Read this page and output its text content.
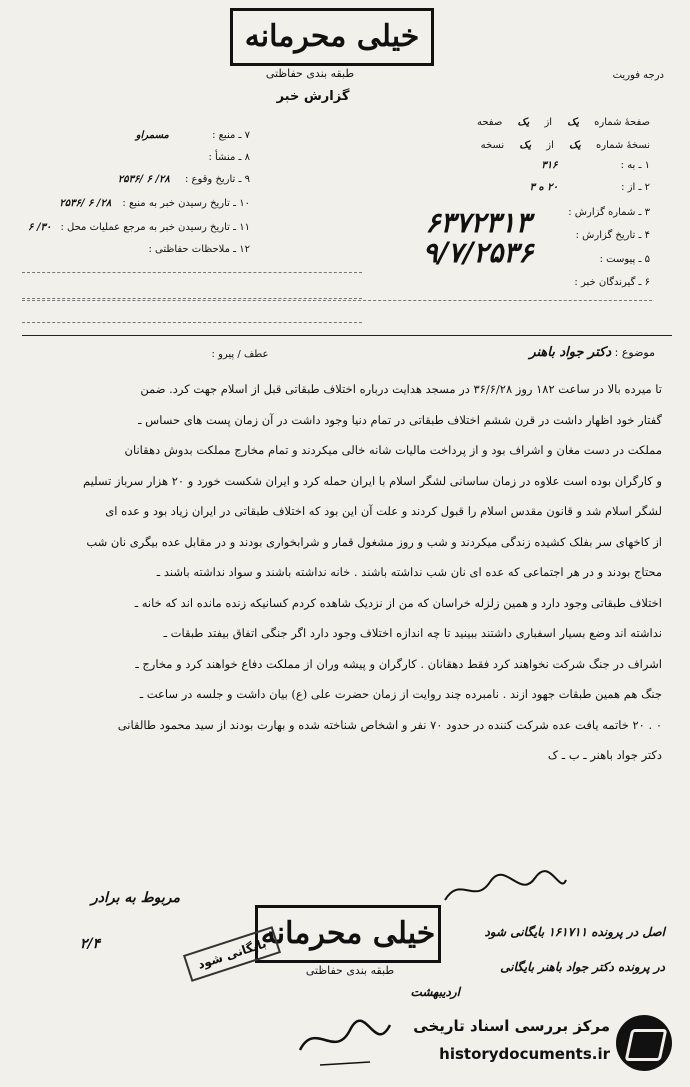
خیلی محرمانه
طبقه بندی حفاظتی
گزارش خبر
درجه فوریت
صفحهٔ شماره یک از یک صفحه
نسخهٔ شماره یک از یک نسخه
۱ ـ به : ۳۱۶
۲ ـ از : ۲۰ ه ۳
۳ ـ شماره گزارش :
۴ ـ تاریخ گزارش :
۵ ـ پیوست :
۶ ـ گیرندگان خبر :
۶۳۷۲۳۱۳
۹/۷/۲۵۳۶
۷ ـ منبع : مسمراو
۸ ـ منشأ :
۹ ـ تاریخ وقوع : ۲۸/ ۶ /۲۵۳۶
۱۰ ـ تاریخ رسیدن خبر به منبع : ۲۸/ ۶ /۲۵۳۶
۱۱ ـ تاریخ رسیدن خبر به مرجع عملیات محل : ۳۰/ ۶
۱۲ ـ ملاحظات حفاظتی :
موضوع : دکتر جواد باهنر
عطف / پیرو :

تا میرده بالا در ساعت ۱۸۲ روز ۳۶/۶/۲۸ در مسجد هدایت درباره اختلاف طبقاتی قبل از اسلام جهت کرد. ضمن

گفتار خود اظهار داشت در قرن ششم اختلاف طبقاتی در تمام دنیا وجود داشت در آن زمان پست های حساس ـ

مملکت در دست مغان و اشراف بود و از پرداخت مالیات شانه خالی میکردند و تمام مخارج مملکت بدوش دهقانان

و کارگران بوده است علاوه در زمان ساسانی لشگر اسلام با ایران حمله کرد و ایران شکست خورد و ۲۰ هزار سرباز تسلیم

لشگر اسلام شد و قانون مقدس اسلام را قبول کردند و علت آن این بود که اختلاف طبقاتی در ایران زیاد بود و عده ای

از کاخهای سر بفلک کشیده زندگی میکردند و شب و روز مشغول قمار و شرابخواری بودند و در مقابل عده بیگری نان شب

محتاج بودند و در هر اجتماعی که عده ای نان شب نداشته باشند . خانه نداشته باشند و سواد نداشته باشند ـ

اختلاف طبقاتی وجود دارد و همین زلزله خراسان که من از نزدیک شاهده کردم کسانیکه زنده مانده اند که خانه ـ

نداشته اند وضع بسیار اسفباری داشتند ببینید تا چه اندازه اختلاف وجود دارد اگر جنگی اتفاق بیفتد طبقات ـ

اشراف در جنگ شرکت نخواهند کرد فقط دهقانان . کارگران و پیشه وران از مملکت دفاع خواهند کرد و مخارج ـ

جنگ هم همین طبقات جهود ازند . نامبرده چند روایت از زمان حضرت علی (ع) بیان داشت و جلسه در ساعت ـ

۰ . ۲۰ خاتمه یافت عده شرکت کننده در حدود ۷۰ نفر و اشخاص شناخته شده و بهارت بودند از سید محمود طالقانی

دکتر جواد باهنر ـ ب ـ ک

مربوط به برادر
۲/۴	خیلی محرمانه
طبقه بندی حفاظتی
بایگانی شود
اصل در پرونده ۱۶۱۷۱۱ بایگانی شود
در پرونده دکتر جواد باهنر بایگانی
اردیبهشت
مرکز بررسی اسناد تاریخی
historydocuments.ir
